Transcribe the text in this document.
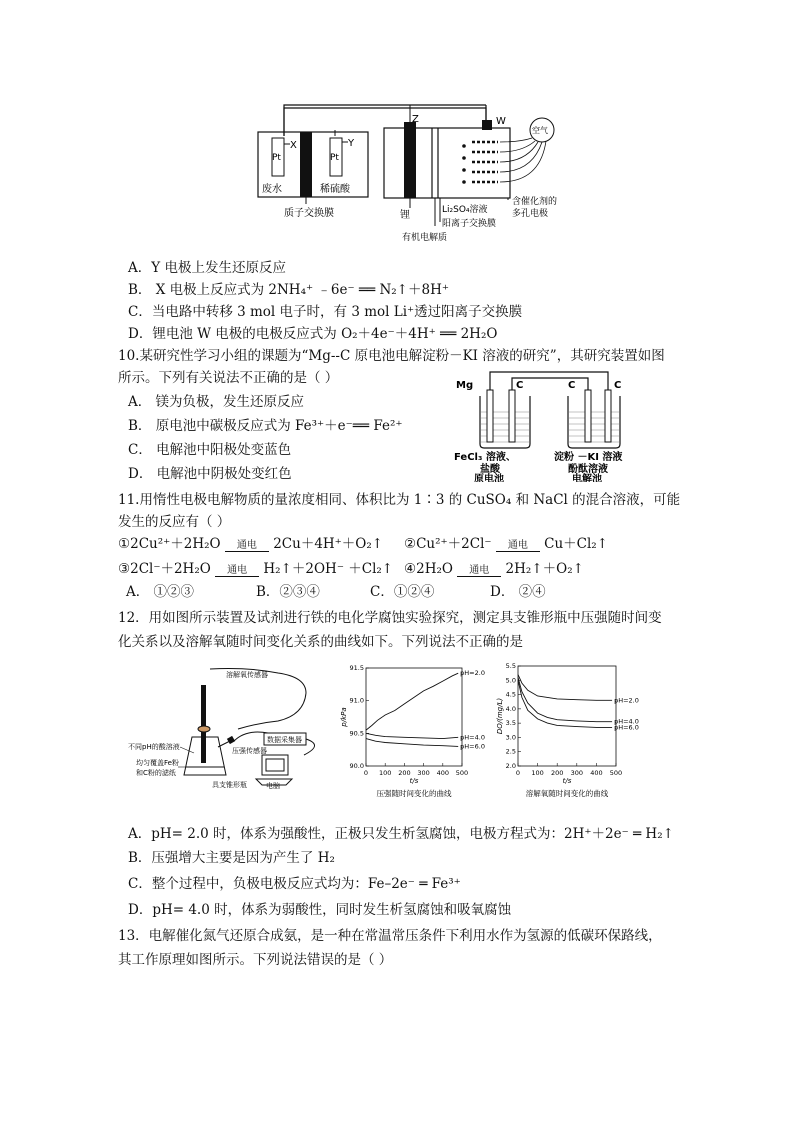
Pt	Pt
X	Y
废水	稀硫酸
质子交换膜
Z	W
空气
含催化剂的
多孔电极
锂
有机电解质
Li₂SO₄溶液
阳离子交换膜
A．Y 电极上发生还原反应
B． X 电极上反应式为 2NH₄⁺ ﹣6e⁻ ══ N₂↑＋8H⁺
C．当电路中转移 3 mol 电子时，有 3 mol Li⁺透过阳离子交换膜
D．锂电池 W 电极的电极反应式为 O₂＋4e⁻＋4H⁺ ══ 2H₂O
10.某研究性学习小组的课题为“Mg--C 原电池电解淀粉－KI 溶液的研究”，其研究装置如图
所示。下列有关说法不正确的是（ ）
A． 镁为负极，发生还原反应
B． 原电池中碳极反应式为 Fe³⁺＋e⁻══ Fe²⁺
C． 电解池中阳极处变蓝色
D． 电解池中阴极处变红色
Mg	C	C	C
FeCl₃ 溶液、
盐酸
原电池
淀粉 －KI 溶液
酚酞溶液
电解池
11.用惰性电极电解物质的量浓度相同、体积比为 1∶3 的 CuSO₄ 和 NaCl 的混合溶液，可能
发生的反应有（ ）
①2Cu²⁺＋2H₂O	通电	2Cu＋4H⁺＋O₂↑ ②Cu²⁺＋2Cl⁻	通电	Cu＋Cl₂↑
③2Cl⁻＋2H₂O	通电	H₂↑＋2OH⁻ ＋Cl₂↑ ④2H₂O	通电	2H₂↑＋O₂↑
A． ①②③	B．②③④	C．①②④	D． ②④
12．用如图所示装置及试剂进行铁的电化学腐蚀实验探究，测定具支锥形瓶中压强随时间变
化关系以及溶解氧随时间变化关系的曲线如下。下列说法不正确的是
溶解氧传感器
压强传感器
数据采集器
电脑
不同pH的酸溶液
均匀覆盖Fe粉
和C粉的滤纸
具支锥形瓶
0 100 200 300 400 500
90.0
90.5
91.0
91.5
t/s
p/kPa
pH=2.0
pH=4.0
pH=6.0
压强随时间变化的曲线
0 100 200 300 400 500
2.0
2.5
3.0
3.5
4.0
4.5
5.0
5.5
t/s
DO/(mg/L)	pH=2.0
pH=4.0
pH=6.0
溶解氧随时间变化的曲线
A．pH= 2.0 时，体系为强酸性，正极只发生析氢腐蚀，电极方程式为：2H⁺＋2e⁻ ═ H₂↑
B．压强增大主要是因为产生了 H₂
C．整个过程中，负极电极反应式均为：Fe–2e⁻ ═ Fe³⁺
D．pH= 4.0 时，体系为弱酸性，同时发生析氢腐蚀和吸氧腐蚀
13．电解催化氮气还原合成氨，是一种在常温常压条件下利用水作为氢源的低碳环保路线，
其工作原理如图所示。下列说法错误的是（ ）
